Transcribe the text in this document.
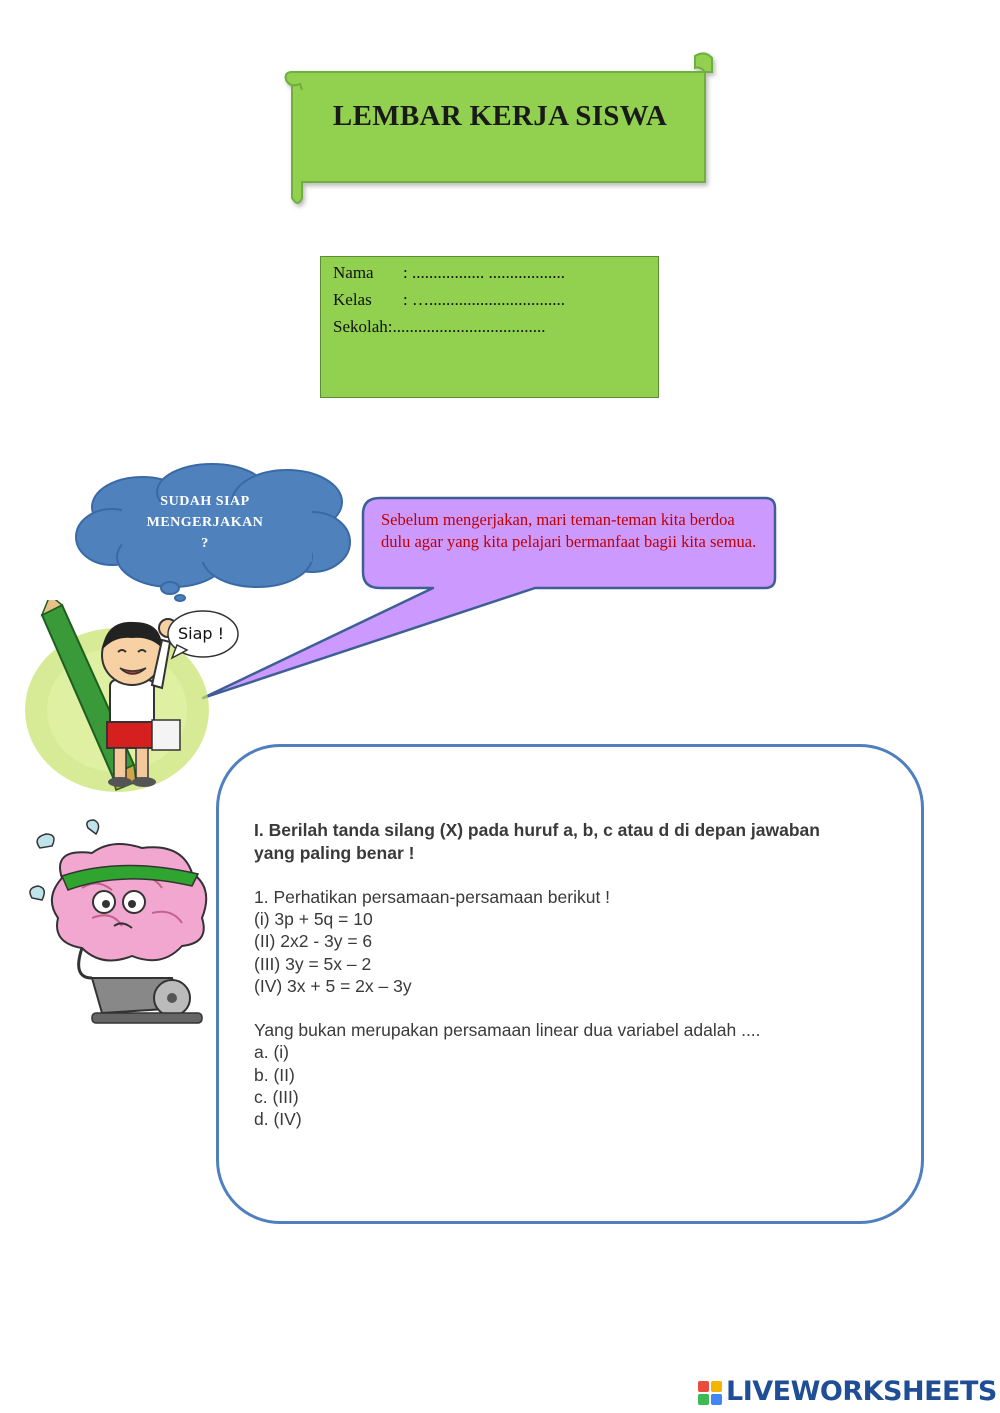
LEMBAR KERJA SISWA
Nama : ................. ..................
Kelas : …................................
Sekolah:....................................
SUDAH SIAP
MENGERJAKAN
?
Sebelum mengerjakan, mari teman-teman kita berdoa dulu agar yang kita pelajari bermanfaat bagii kita semua.
Siap !
I. Berilah tanda silang (X) pada huruf a, b, c atau d di depan jawaban
yang paling benar !
1. Perhatikan persamaan-persamaan berikut !
(i) 3p + 5q = 10
(II) 2x2 - 3y = 6
(III) 3y = 5x – 2
(IV) 3x + 5 = 2x – 3y
Yang bukan merupakan persamaan linear dua variabel adalah ....
a. (i)
b. (II)
c. (III)
d. (IV)
LIVEWORKSHEETS
